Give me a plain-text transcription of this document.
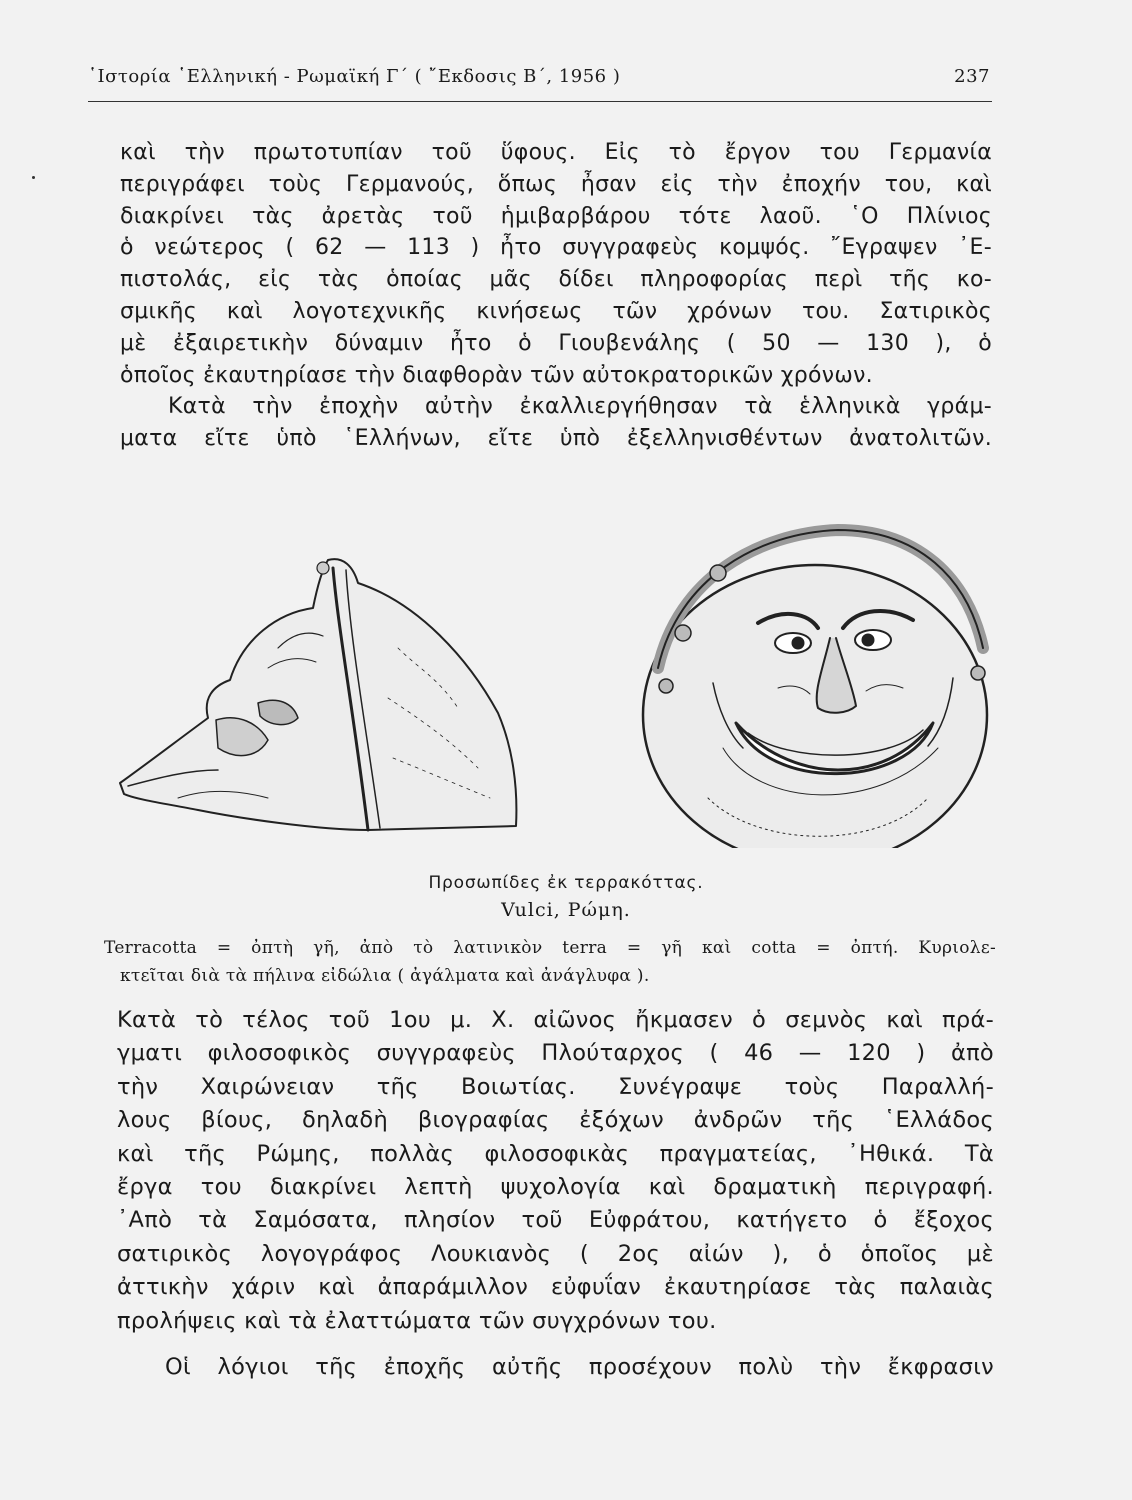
῾Ιστορία ῾Ελληνική - Ρωμαϊκή Γ΄ ( ῎Εκδοσις Β΄, 1956 )	237
καὶ τὴν πρωτοτυπίαν τοῦ ὕφους. Εἰς τὸ ἔργον του Γερμανία
περιγράφει τοὺς Γερμανούς, ὅπως ἦσαν εἰς τὴν ἐποχήν του, καὶ
διακρίνει τὰς ἀρετὰς τοῦ ἡμιβαρβάρου τότε λαοῦ. ῾Ο Πλίνιος
ὁ νεώτερος ( 62 — 113 ) ἦτο συγγραφεὺς κομψός. ῎Εγραψεν ᾿Ε-
πιστολάς, εἰς τὰς ὁποίας μᾶς δίδει πληροφορίας περὶ τῆς κο-
σμικῆς καὶ λογοτεχνικῆς κινήσεως τῶν χρόνων του. Σατιρικὸς
μὲ ἐξαιρετικὴν δύναμιν ἦτο ὁ Γιουβενάλης ( 50 — 130 ), ὁ
ὁποῖος ἐκαυτηρίασε τὴν διαφθορὰν τῶν αὐτοκρατορικῶν χρόνων.
Κατὰ τὴν ἐποχὴν αὐτὴν ἐκαλλιεργήθησαν τὰ ἑλληνικὰ γράμ-
ματα εἴτε ὑπὸ ῾Ελλήνων, εἴτε ὑπὸ ἐξελληνισθέντων ἀνατολιτῶν.
Προσωπίδες ἐκ τερρακόττας.
Vulci, Ρώμη.
Terracotta = ὀπτὴ γῆ, ἀπὸ τὸ λατινικὸν terra = γῆ καὶ cotta = ὀπτή. Κυριολε-
κτεῖται διὰ τὰ πήλινα εἰδώλια ( ἀγάλματα καὶ ἀνάγλυφα ).
Κατὰ τὸ τέλος τοῦ 1ου μ. Χ. αἰῶνος ἤκμασεν ὁ σεμνὸς καὶ πρά-
γματι φιλοσοφικὸς συγγραφεὺς Πλούταρχος ( 46 — 120 ) ἀπὸ
τὴν Χαιρώνειαν τῆς Βοιωτίας. Συνέγραψε τοὺς Παραλλή-
λους βίους, δηλαδὴ βιογραφίας ἐξόχων ἀνδρῶν τῆς ῾Ελλάδος
καὶ τῆς Ρώμης, πολλὰς φιλοσοφικὰς πραγματείας, ᾿Ηθικά. Τὰ
ἔργα του διακρίνει λεπτὴ ψυχολογία καὶ δραματικὴ περιγραφή.
᾿Απὸ τὰ Σαμόσατα, πλησίον τοῦ Εὐφράτου, κατήγετο ὁ ἔξοχος
σατιρικὸς λογογράφος Λουκιανὸς ( 2ος αἰών ), ὁ ὁποῖος μὲ
ἀττικὴν χάριν καὶ ἀπαράμιλλον εὐφυΐαν ἐκαυτηρίασε τὰς παλαιὰς
προλήψεις καὶ τὰ ἐλαττώματα τῶν συγχρόνων του.
Οἱ λόγιοι τῆς ἐποχῆς αὐτῆς προσέχουν πολὺ τὴν ἔκφρασιν
